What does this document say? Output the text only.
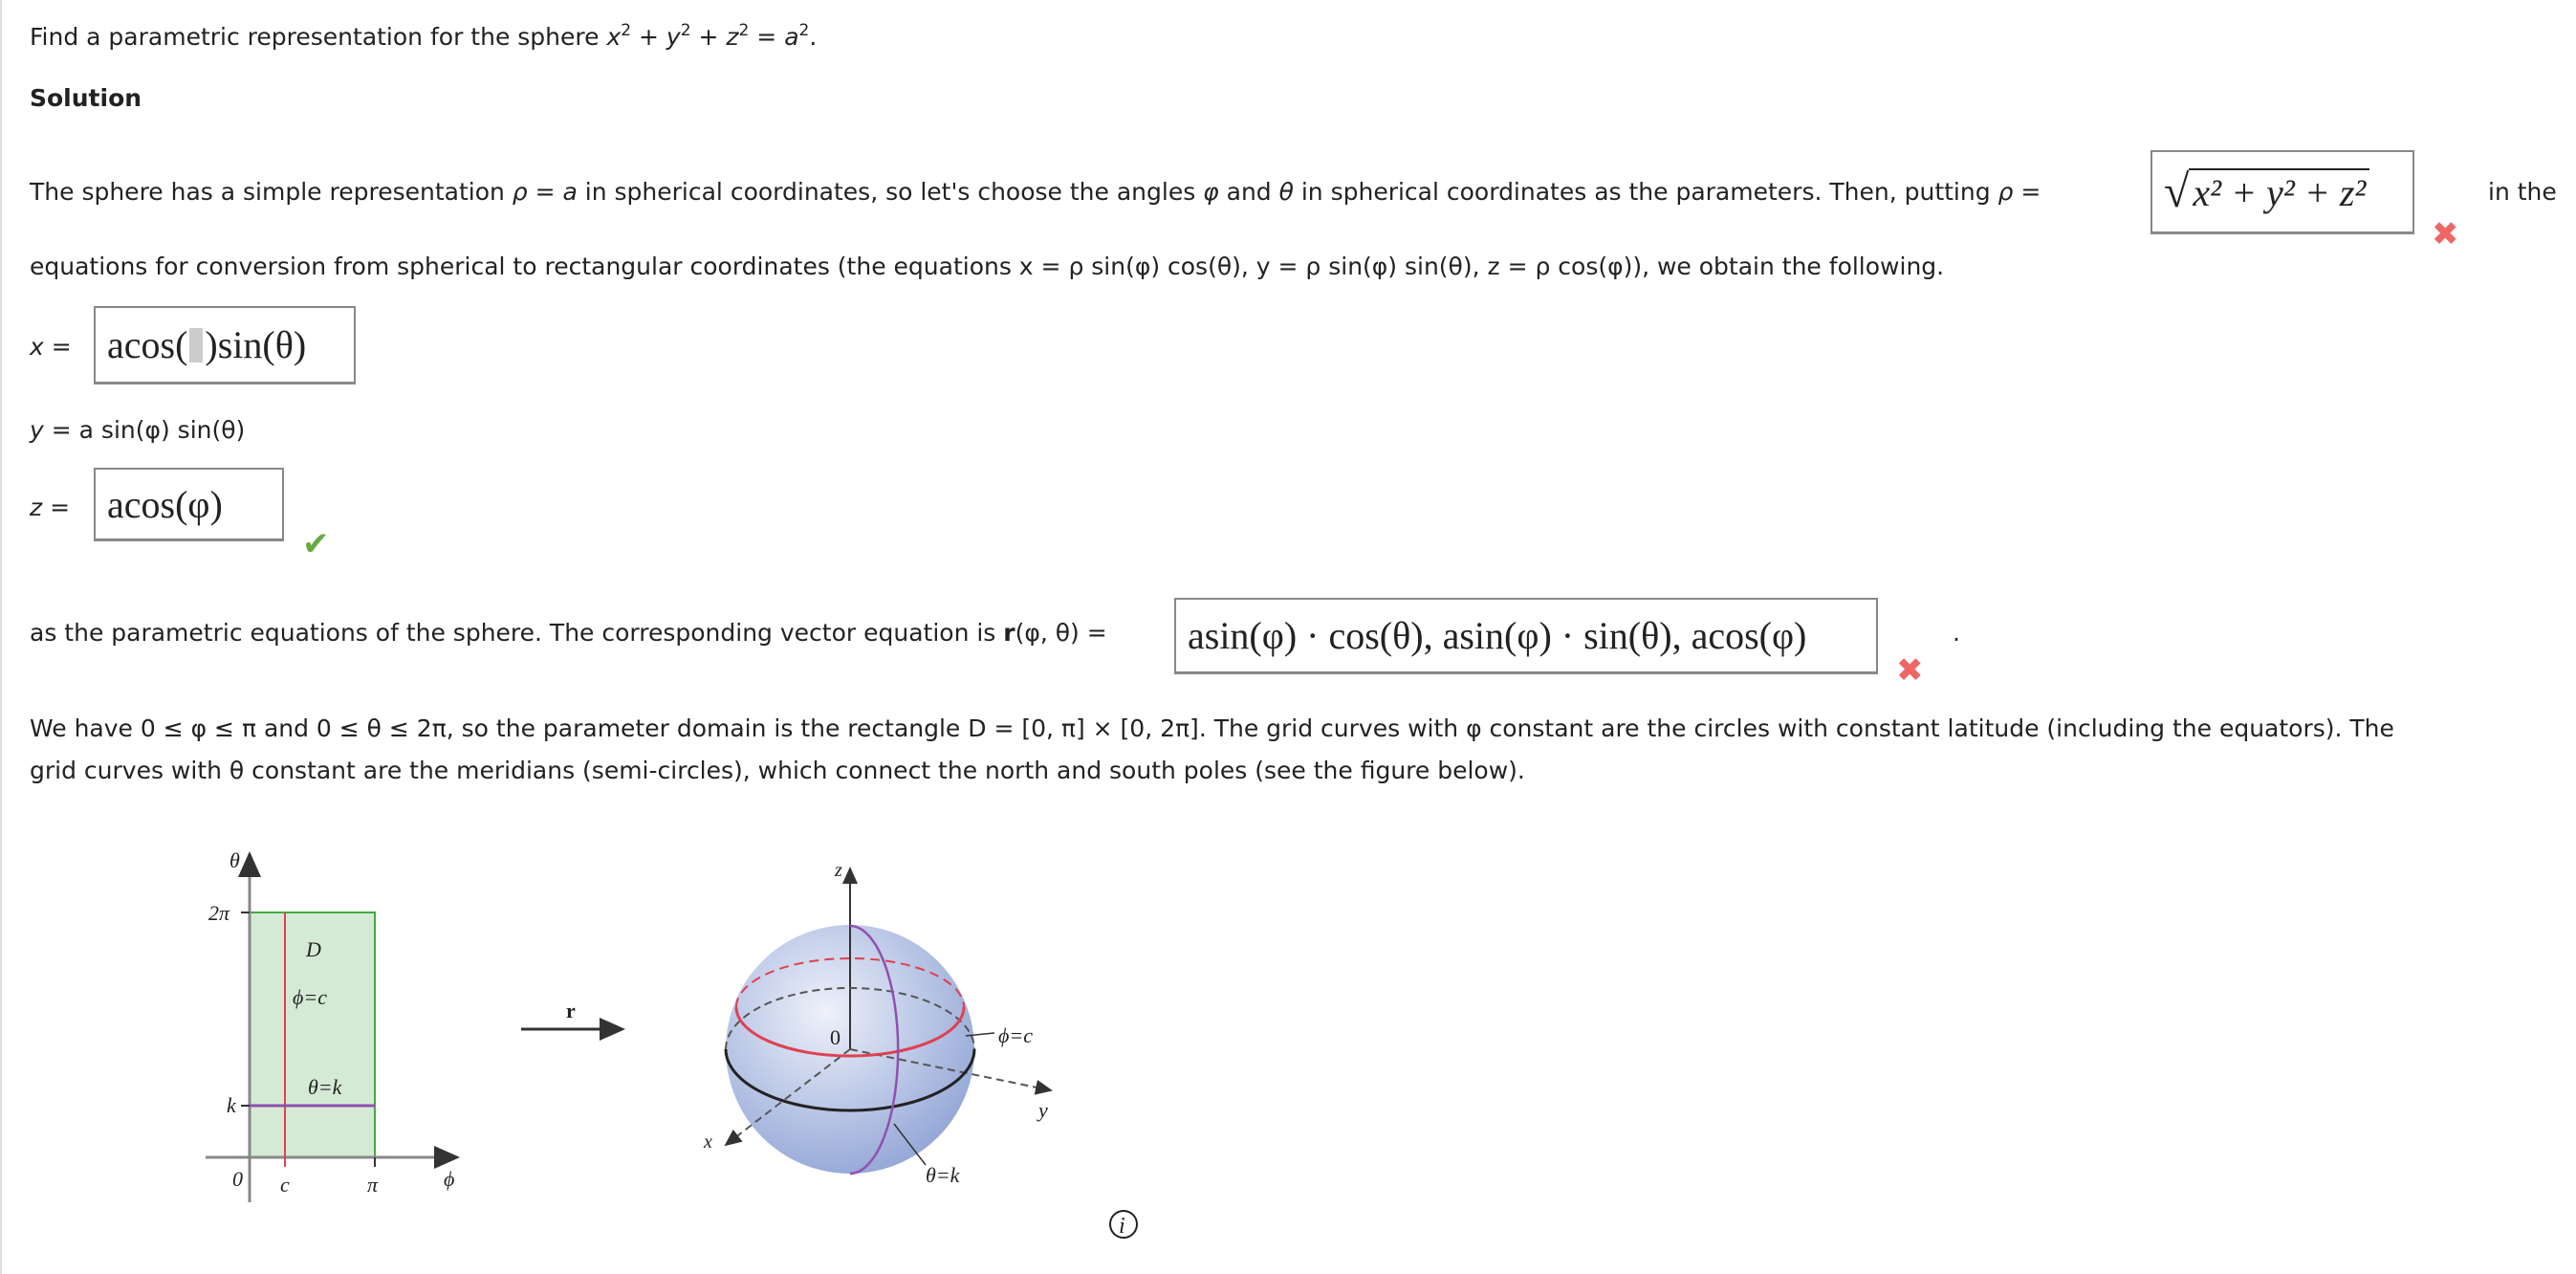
Find a parametric representation for the sphere $x^2 + y^2 + z^2 = a^2$.
Solution
The sphere has a simple representation ρ = a in spherical coordinates, so let's choose the angles φ and θ in spherical coordinates as the parameters. Then, putting ρ =	√ x² + y² + z²
✖
in the
equations for conversion from spherical to rectangular coordinates (the equations x = ρ sin(φ) cos(θ), y = ρ sin(φ) sin(θ), z = ρ cos(φ)), we obtain the following.
x = acos( )sin(θ)
y = a sin(φ) sin(θ)
z = acos(φ)
✔
as the parametric equations of the sphere. The corresponding vector equation is r(φ, θ) = asin(φ) · cos(θ), asin(φ) · sin(θ), acos(φ)
✖
.
We have 0 ≤ φ ≤ π and 0 ≤ θ ≤ 2π, so the parameter domain is the rectangle D = [0, π] × [0, 2π]. The grid curves with φ constant are the circles with constant latitude (including the equators). The
grid curves with θ constant are the meridians (semi-circles), which connect the north and south poles (see the figure below).
θ
2π
D
ϕ=c
θ=k
k
0 c	π	ϕ
r
z
0	ϕ=c
y
x
θ=k
i
